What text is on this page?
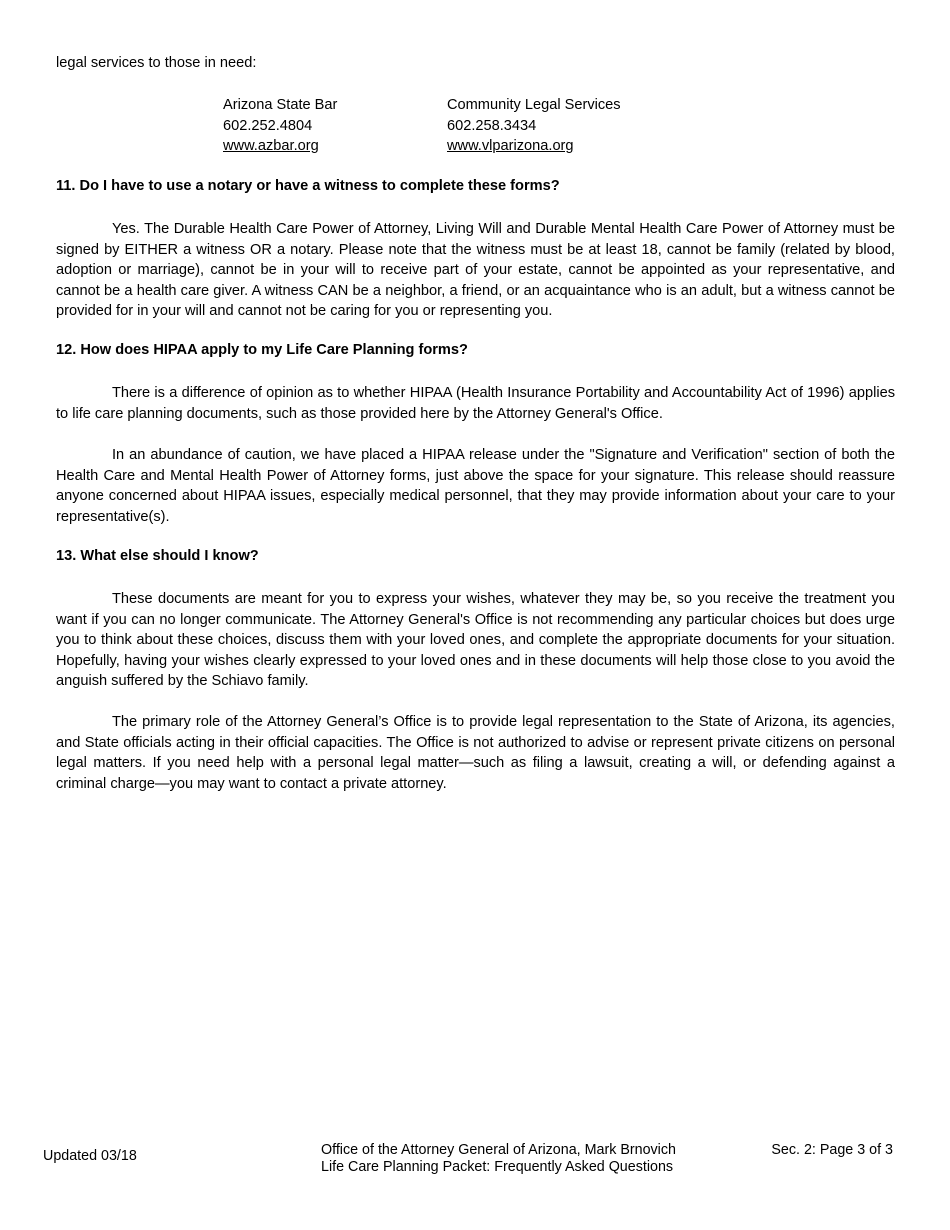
legal services to those in need:

Arizona State Bar
602.252.4804
www.azbar.org
Community Legal Services
602.258.3434
www.vlparizona.org
11. Do I have to use a notary or have a witness to complete these forms?

Yes. The Durable Health Care Power of Attorney, Living Will and Durable Mental Health Care Power of Attorney must be signed by EITHER a witness OR a notary. Please note that the witness must be at least 18, cannot be family (related by blood, adoption or marriage), cannot be in your will to receive part of your estate, cannot be appointed as your representative, and cannot be a health care giver. A witness CAN be a neighbor, a friend, or an acquaintance who is an adult, but a witness cannot be provided for in your will and cannot not be caring for you or representing you.

12. How does HIPAA apply to my Life Care Planning forms?

There is a difference of opinion as to whether HIPAA (Health Insurance Portability and Accountability Act of 1996) applies to life care planning documents, such as those provided here by the Attorney General's Office.

In an abundance of caution, we have placed a HIPAA release under the "Signature and Verification" section of both the Health Care and Mental Health Power of Attorney forms, just above the space for your signature. This release should reassure anyone concerned about HIPAA issues, especially medical personnel, that they may provide information about your care to your representative(s).

13. What else should I know?

These documents are meant for you to express your wishes, whatever they may be, so you receive the treatment you want if you can no longer communicate. The Attorney General's Office is not recommending any particular choices but does urge you to think about these choices, discuss them with your loved ones, and complete the appropriate documents for your situation. Hopefully, having your wishes clearly expressed to your loved ones and in these documents will help those close to you avoid the anguish suffered by the Schiavo family.

The primary role of the Attorney General’s Office is to provide legal representation to the State of Arizona, its agencies, and State officials acting in their official capacities. The Office is not authorized to advise or represent private citizens on personal legal matters. If you need help with a personal legal matter—such as filing a lawsuit, creating a will, or defending against a criminal charge—you may want to contact a private attorney.

Updated 03/18	Office of the Attorney General of Arizona, Mark Brnovich
Life Care Planning Packet: Frequently Asked Questions
Sec. 2: Page 3 of 3
